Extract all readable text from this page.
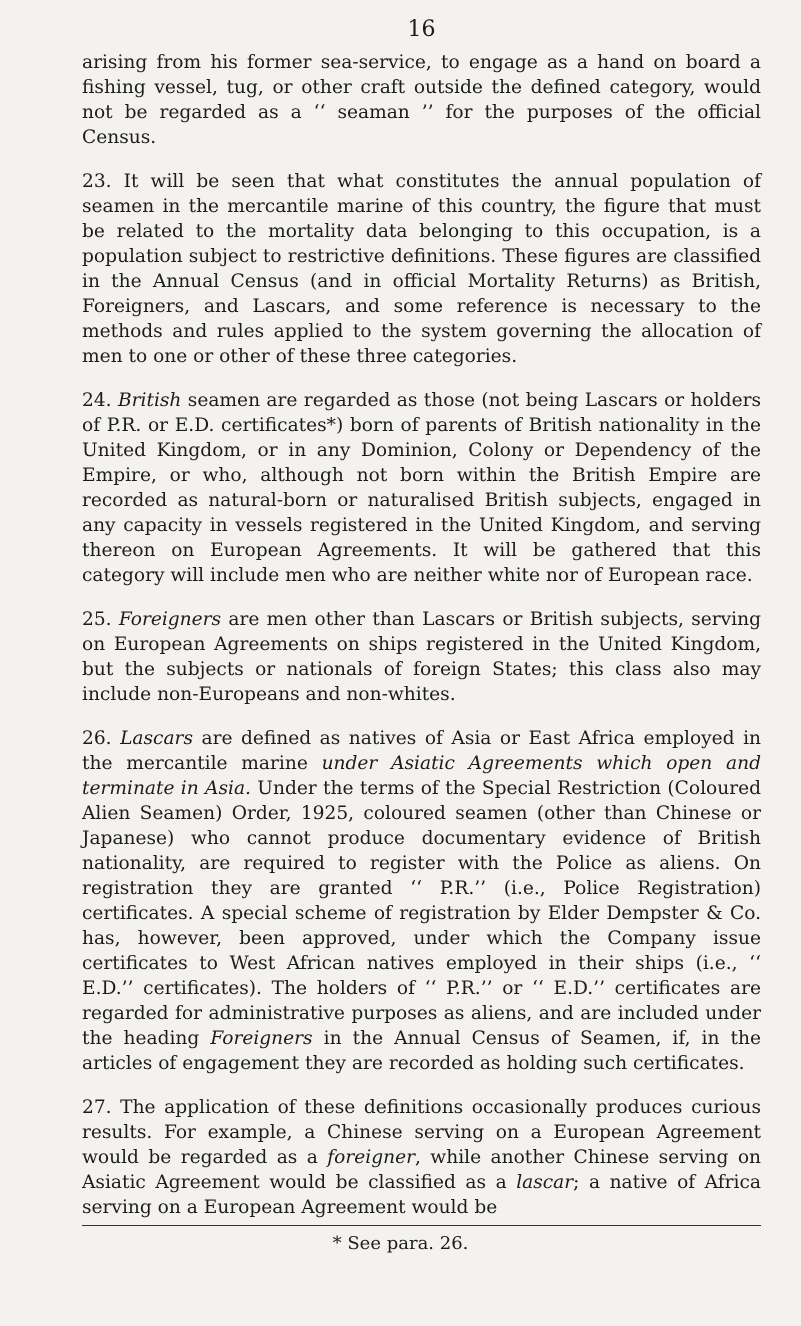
16

arising from his former sea-service, to engage as a hand on board a fishing vessel, tug, or other craft outside the defined category, would not be regarded as a ‘‘ seaman ’’ for the purposes of the official Census.

23. It will be seen that what constitutes the annual population of seamen in the mercantile marine of this country, the figure that must be related to the mortality data belonging to this occupation, is a population subject to restrictive definitions. These figures are classified in the Annual Census (and in official Mortality Returns) as British, Foreigners, and Lascars, and some reference is necessary to the methods and rules applied to the system governing the allocation of men to one or other of these three categories.

24. British seamen are regarded as those (not being Lascars or holders of P.R. or E.D. certificates*) born of parents of British nationality in the United Kingdom, or in any Dominion, Colony or Dependency of the Empire, or who, although not born within the British Empire are recorded as natural-born or naturalised British subjects, engaged in any capacity in vessels registered in the United Kingdom, and serving thereon on European Agreements. It will be gathered that this category will include men who are neither white nor of European race.

25. Foreigners are men other than Lascars or British subjects, serving on European Agreements on ships registered in the United Kingdom, but the subjects or nationals of foreign States; this class also may include non-Europeans and non-whites.

26. Lascars are defined as natives of Asia or East Africa employed in the mercantile marine under Asiatic Agreements which open and terminate in Asia. Under the terms of the Special Restriction (Coloured Alien Seamen) Order, 1925, coloured seamen (other than Chinese or Japanese) who cannot produce documentary evidence of British nationality, are required to register with the Police as aliens. On registration they are granted ‘‘ P.R.’’ (i.e., Police Registration) certificates. A special scheme of registration by Elder Dempster & Co. has, however, been approved, under which the Company issue certificates to West African natives employed in their ships (i.e., ‘‘ E.D.’’ certificates). The holders of ‘‘ P.R.’’ or ‘‘ E.D.’’ certificates are regarded for administrative purposes as aliens, and are included under the heading Foreigners in the Annual Census of Seamen, if, in the articles of engagement they are recorded as holding such certificates.

27. The application of these definitions occasionally produces curious results. For example, a Chinese serving on a European Agreement would be regarded as a foreigner, while another Chinese serving on Asiatic Agreement would be classified as a lascar; a native of Africa serving on a European Agreement would be

* See para. 26.
